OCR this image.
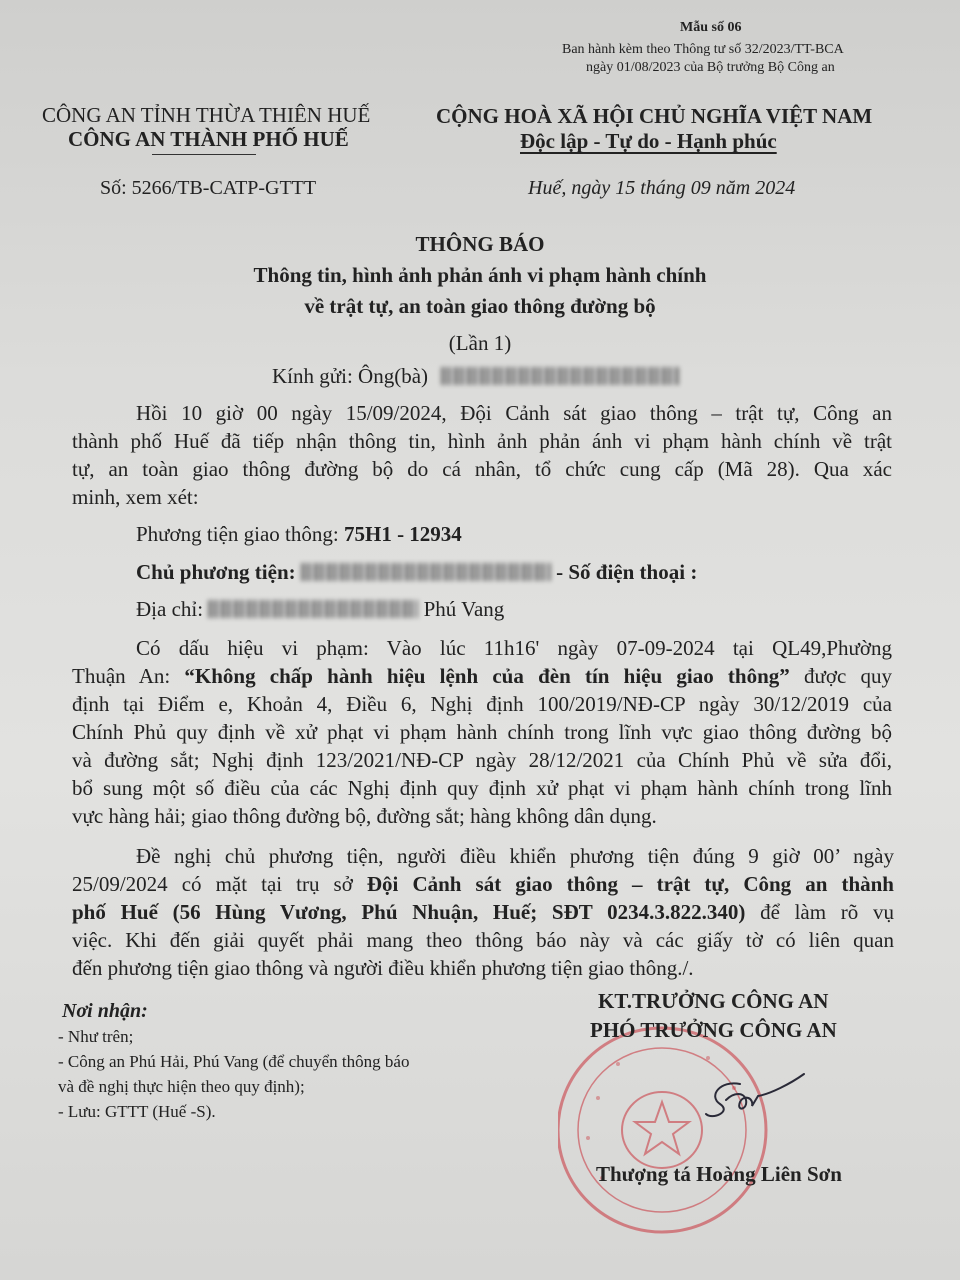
Mẫu số 06
Ban hành kèm theo Thông tư số 32/2023/TT-BCA
ngày 01/08/2023 của Bộ trưởng Bộ Công an
CÔNG AN TỈNH THỪA THIÊN HUẾ
CÔNG AN THÀNH PHỐ HUẾ
Số: 5266/TB-CATP-GTTT
CỘNG HOÀ XÃ HỘI CHỦ NGHĨA VIỆT NAM
Độc lập - Tự do - Hạnh phúc
Huế, ngày 15 tháng 09 năm 2024
THÔNG BÁO
Thông tin, hình ảnh phản ánh vi phạm hành chính
về trật tự, an toàn giao thông đường bộ
(Lần 1)
Kính gửi: Ông(bà)
Hồi 10 giờ 00 ngày 15/09/2024, Đội Cảnh sát giao thông – trật tự, Công an
thành phố Huế đã tiếp nhận thông tin, hình ảnh phản ánh vi phạm hành chính về trật
tự, an toàn giao thông đường bộ do cá nhân, tổ chức cung cấp (Mã 28). Qua xác
minh, xem xét:
Phương tiện giao thông: 75H1 - 12934
Chủ phương tiện:	- Số điện thoại :
Địa chỉ:	Phú Vang
Có dấu hiệu vi phạm: Vào lúc 11h16' ngày 07-09-2024 tại QL49,Phường
Thuận An: “Không chấp hành hiệu lệnh của đèn tín hiệu giao thông” được quy
định tại Điểm e, Khoản 4, Điều 6, Nghị định 100/2019/NĐ-CP ngày 30/12/2019 của
Chính Phủ quy định về xử phạt vi phạm hành chính trong lĩnh vực giao thông đường bộ
và đường sắt; Nghị định 123/2021/NĐ-CP ngày 28/12/2021 của Chính Phủ về sửa đổi,
bổ sung một số điều của các Nghị định quy định xử phạt vi phạm hành chính trong lĩnh
vực hàng hải; giao thông đường bộ, đường sắt; hàng không dân dụng.
Đề nghị chủ phương tiện, người điều khiển phương tiện đúng 9 giờ 00’ ngày
25/09/2024 có mặt tại trụ sở Đội Cảnh sát giao thông – trật tự, Công an thành
phố Huế (56 Hùng Vương, Phú Nhuận, Huế; SĐT 0234.3.822.340) để làm rõ vụ
việc. Khi đến giải quyết phải mang theo thông báo này và các giấy tờ có liên quan
đến phương tiện giao thông và người điều khiển phương tiện giao thông./.
Nơi nhận:
- Như trên;
- Công an Phú Hải, Phú Vang (để chuyển thông báo
và đề nghị thực hiện theo quy định);
- Lưu: GTTT (Huế -S).
KT.TRƯỞNG CÔNG AN
PHÓ TRƯỞNG CÔNG AN
Thượng tá Hoàng Liên Sơn
